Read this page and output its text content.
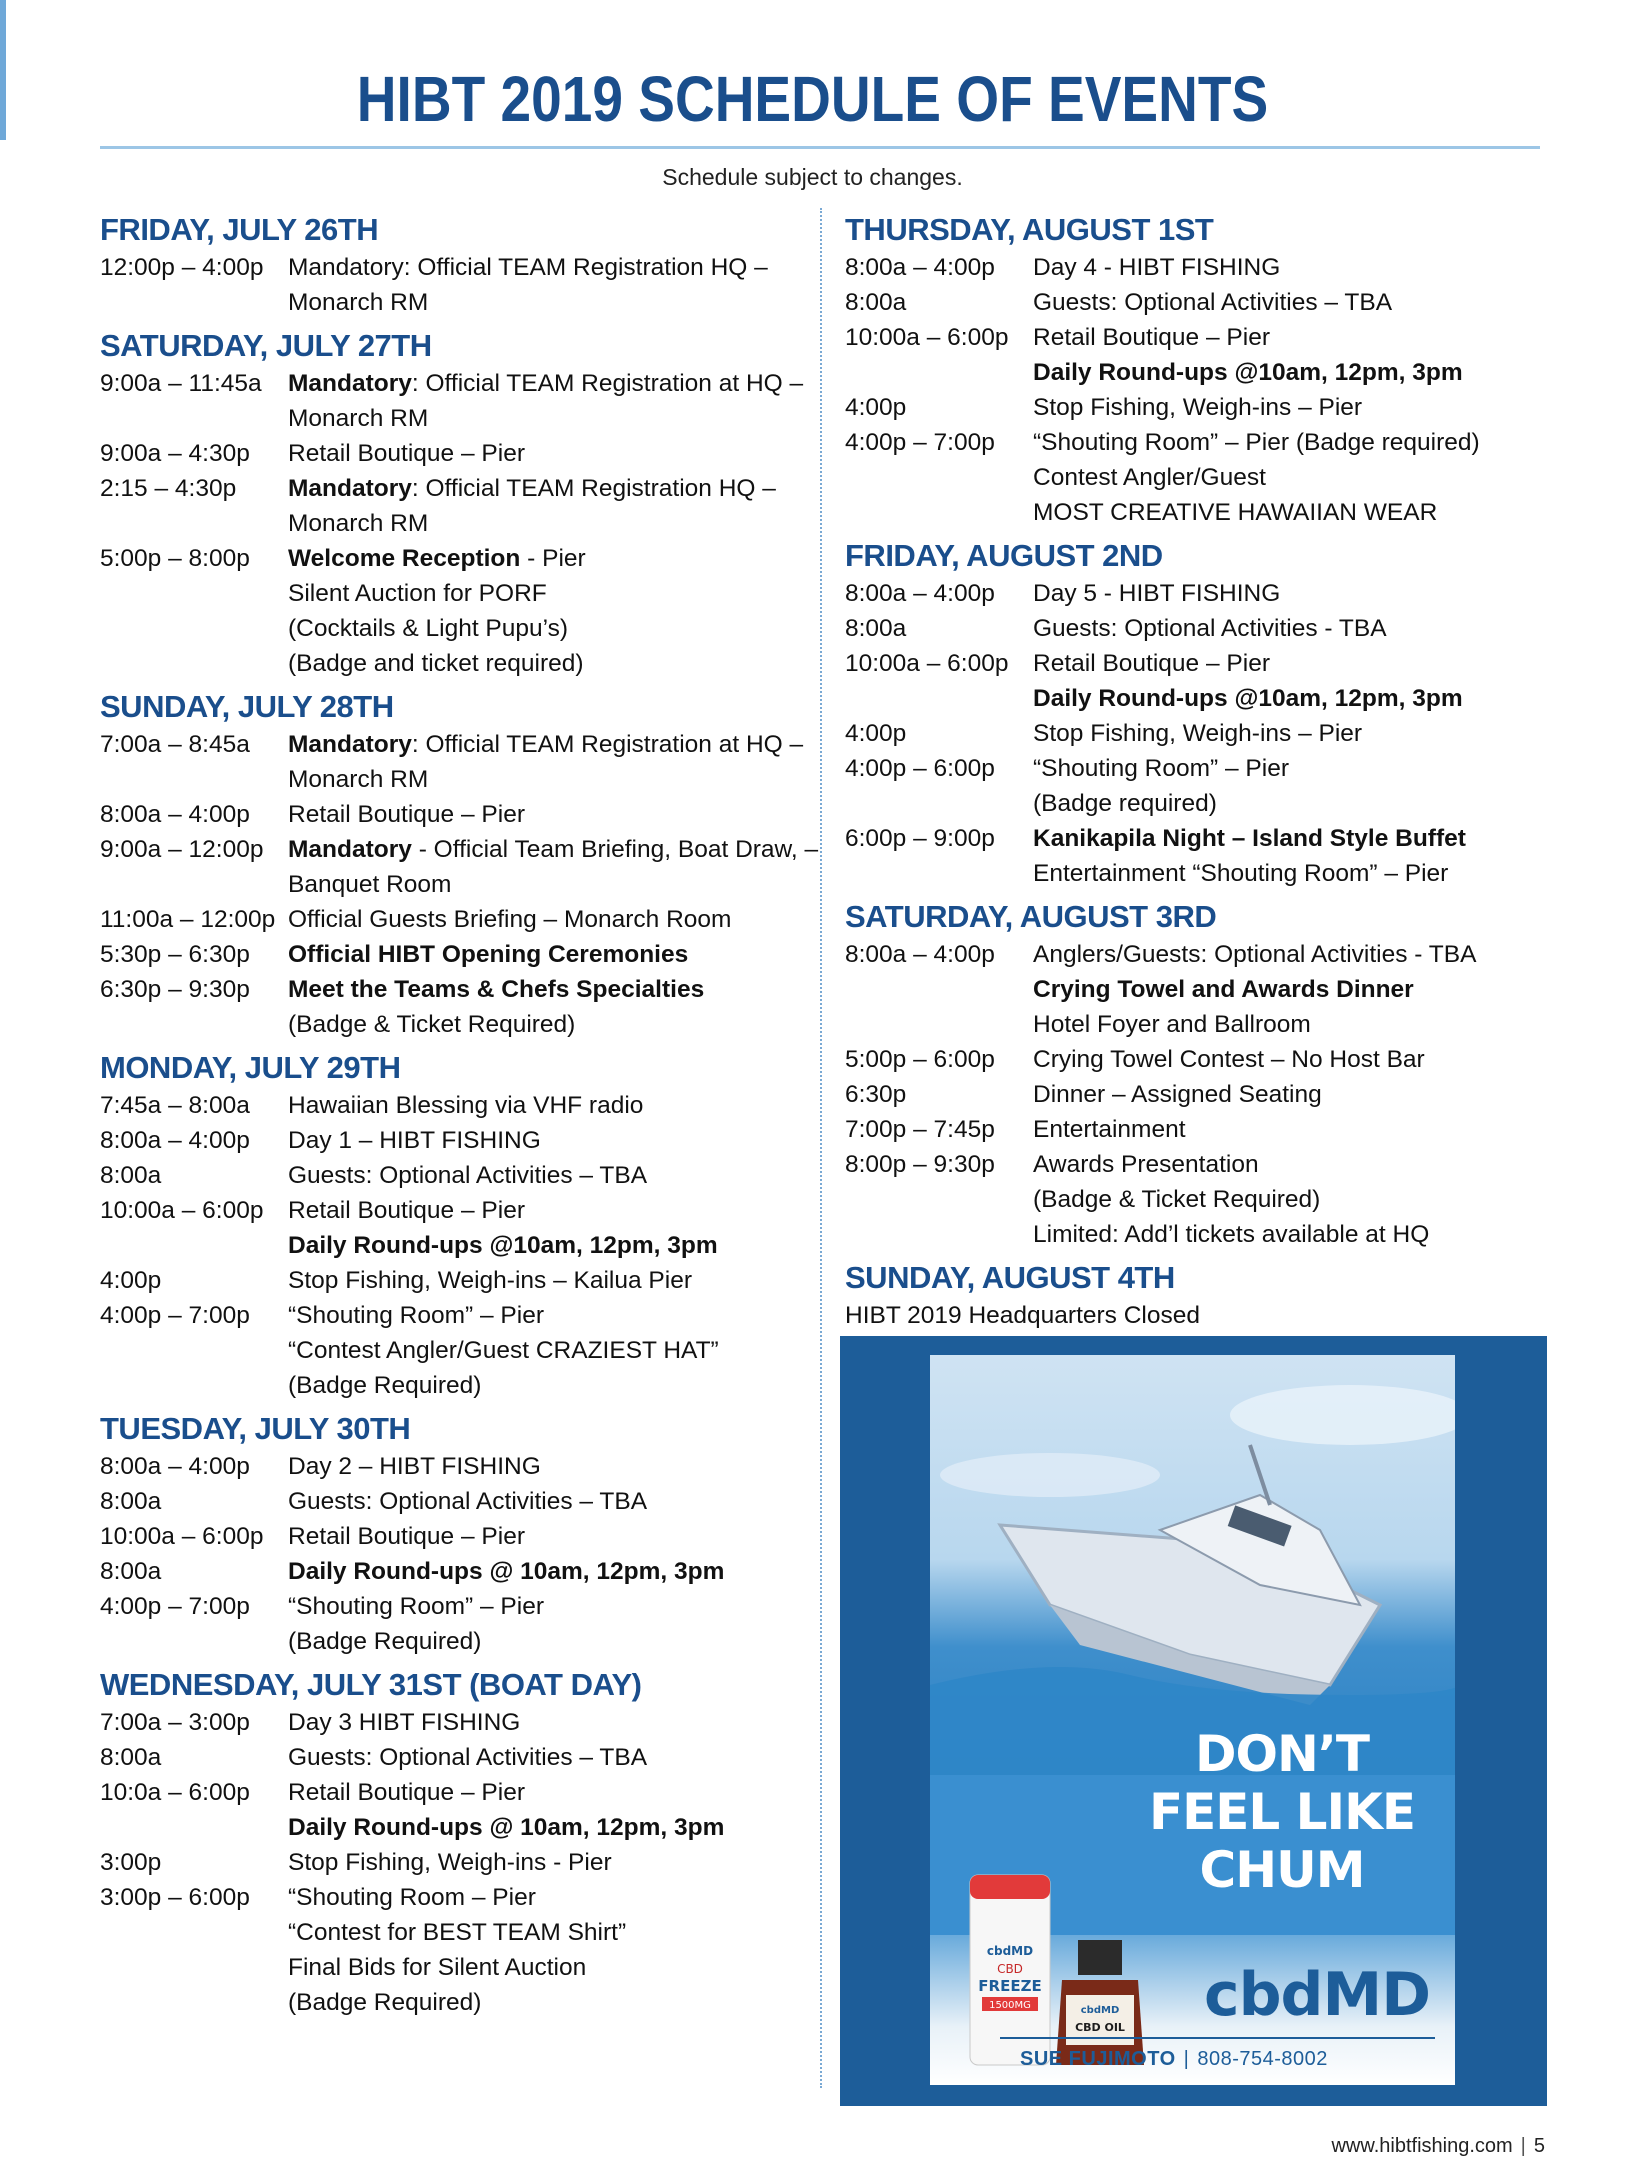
HIBT 2019 SCHEDULE OF EVENTS
Schedule subject to changes.
FRIDAY, JULY 26TH
12:00p – 4:00p	Mandatory: Official TEAM Registration HQ –
Monarch RM
SATURDAY, JULY 27TH
9:00a – 11:45a	Mandatory: Official TEAM Registration at HQ –
Monarch RM
9:00a – 4:30p	Retail Boutique – Pier
2:15 – 4:30p	Mandatory: Official TEAM Registration HQ –
Monarch RM
5:00p – 8:00p	Welcome Reception - Pier
Silent Auction for PORF
(Cocktails & Light Pupu’s)
(Badge and ticket required)
SUNDAY, JULY 28TH
7:00a – 8:45a	Mandatory: Official TEAM Registration at HQ –
Monarch RM
8:00a – 4:00p	Retail Boutique – Pier
9:00a – 12:00p	Mandatory - Official Team Briefing, Boat Draw, –
Banquet Room
11:00a – 12:00p Official Guests Briefing – Monarch Room
5:30p – 6:30p	Official HIBT Opening Ceremonies
6:30p – 9:30p	Meet the Teams & Chefs Specialties
(Badge & Ticket Required)
MONDAY, JULY 29TH
7:45a – 8:00a	Hawaiian Blessing via VHF radio
8:00a – 4:00p	Day 1 – HIBT FISHING
8:00a	Guests: Optional Activities – TBA
10:00a – 6:00p	Retail Boutique – Pier
Daily Round-ups @10am, 12pm, 3pm
4:00p	Stop Fishing, Weigh-ins – Kailua Pier
4:00p – 7:00p	“Shouting Room” – Pier
“Contest Angler/Guest CRAZIEST HAT”
(Badge Required)
TUESDAY, JULY 30TH
8:00a – 4:00p	Day 2 – HIBT FISHING
8:00a	Guests: Optional Activities – TBA
10:00a – 6:00p	Retail Boutique – Pier
8:00a	Daily Round-ups @ 10am, 12pm, 3pm
4:00p – 7:00p	“Shouting Room” – Pier
(Badge Required)
WEDNESDAY, JULY 31ST (BOAT DAY)
7:00a – 3:00p	Day 3 HIBT FISHING
8:00a	Guests: Optional Activities – TBA
10:0a – 6:00p	Retail Boutique – Pier
Daily Round-ups @ 10am, 12pm, 3pm
3:00p	Stop Fishing, Weigh-ins - Pier
3:00p – 6:00p	“Shouting Room – Pier
“Contest for BEST TEAM Shirt”
Final Bids for Silent Auction
(Badge Required)
THURSDAY, AUGUST 1ST
8:00a – 4:00p	Day 4 - HIBT FISHING
8:00a	Guests: Optional Activities – TBA
10:00a – 6:00p	Retail Boutique – Pier
Daily Round-ups @10am, 12pm, 3pm
4:00p	Stop Fishing, Weigh-ins – Pier
4:00p – 7:00p	“Shouting Room” – Pier (Badge required)
Contest Angler/Guest
MOST CREATIVE HAWAIIAN WEAR
FRIDAY, AUGUST 2ND
8:00a – 4:00p	Day 5 - HIBT FISHING
8:00a	Guests: Optional Activities - TBA
10:00a – 6:00p	Retail Boutique – Pier
Daily Round-ups @10am, 12pm, 3pm
4:00p	Stop Fishing, Weigh-ins – Pier
4:00p – 6:00p	“Shouting Room” – Pier
(Badge required)
6:00p – 9:00p	Kanikapila Night – Island Style Buffet
Entertainment “Shouting Room” – Pier
SATURDAY, AUGUST 3RD
8:00a – 4:00p	Anglers/Guests: Optional Activities - TBA
Crying Towel and Awards Dinner
Hotel Foyer and Ballroom
5:00p – 6:00p	Crying Towel Contest – No Host Bar
6:30p	Dinner – Assigned Seating
7:00p – 7:45p	Entertainment
8:00p – 9:30p	Awards Presentation
(Badge & Ticket Required)
Limited: Add’l tickets available at HQ
SUNDAY, AUGUST 4TH
HIBT 2019 Headquarters Closed
cbdMD
CBD
FREEZE
1500MG	cbdMD
CBD OIL
DON’T
FEEL LIKE
CHUM
cbdMD
SUE FUJIMOTO | 808-754-8002
www.hibtfishing.com | 5
